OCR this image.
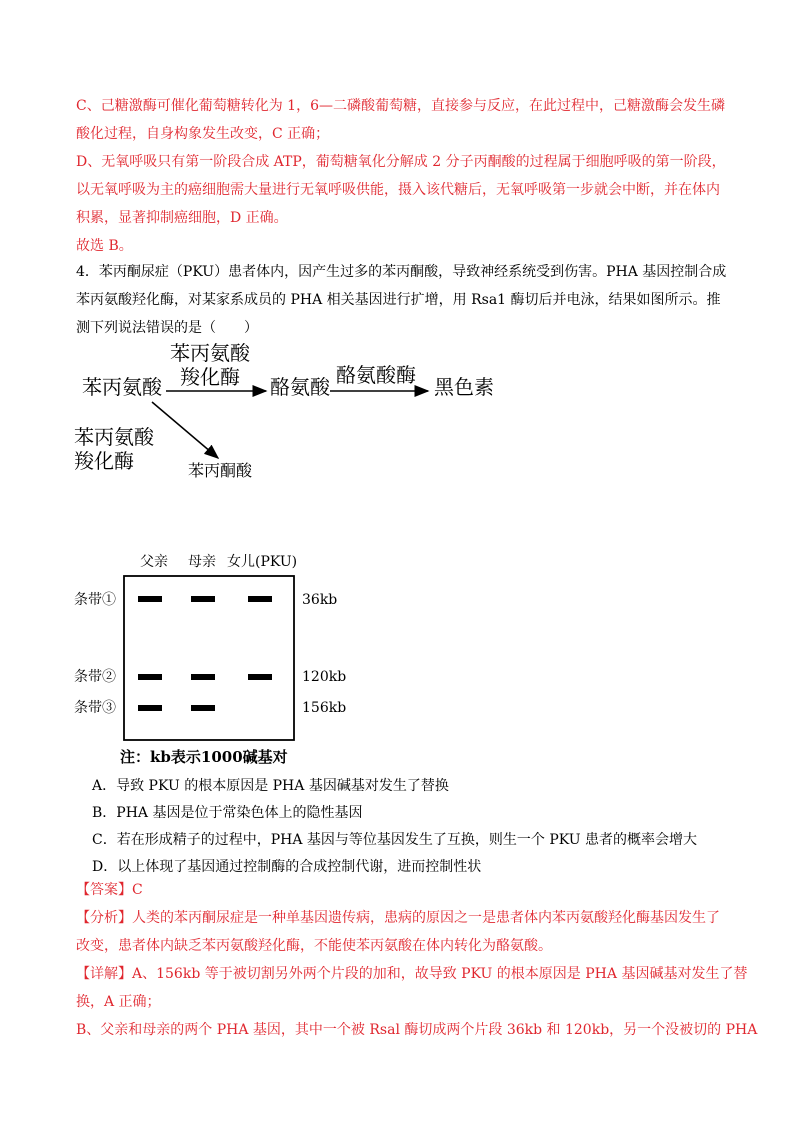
C、己糖激酶可催化葡萄糖转化为 1，6—二磷酸葡萄糖，直接参与反应，在此过程中，己糖激酶会发生磷
酸化过程，自身构象发生改变，C 正确；
D、无氧呼吸只有第一阶段合成 ATP，葡萄糖氧化分解成 2 分子丙酮酸的过程属于细胞呼吸的第一阶段，
以无氧呼吸为主的癌细胞需大量进行无氧呼吸供能，摄入该代糖后，无氧呼吸第一步就会中断，并在体内
积累，显著抑制癌细胞，D 正确。
故选 B。
4．苯丙酮尿症（PKU）患者体内，因产生过多的苯丙酮酸，导致神经系统受到伤害。PHA 基因控制合成
苯丙氨酸羟化酶，对某家系成员的 PHA 相关基因进行扩增，用 Rsa1 酶切后并电泳，结果如图所示。推
测下列说法错误的是（　　）
苯丙氨酸
苯丙氨酸
羧化酶 酪氨酸 酪氨酸酶 黑色素
苯丙氨酸
羧化酶	苯丙酮酸
父亲 母亲 女儿(PKU)
条带①	36kb
条带②	120kb
条带③	156kb
注：kb表示1000碱基对
A．导致 PKU 的根本原因是 PHA 基因碱基对发生了替换
B．PHA 基因是位于常染色体上的隐性基因
C．若在形成精子的过程中，PHA 基因与等位基因发生了互换，则生一个 PKU 患者的概率会增大
D．以上体现了基因通过控制酶的合成控制代谢，进而控制性状
【答案】C
【分析】人类的苯丙酮尿症是一种单基因遗传病，患病的原因之一是患者体内苯丙氨酸羟化酶基因发生了
改变，患者体内缺乏苯丙氨酸羟化酶，不能使苯丙氨酸在体内转化为酪氨酸。
【详解】A、156kb 等于被切割另外两个片段的加和，故导致 PKU 的根本原因是 PHA 基因碱基对发生了替
换，A 正确；
B、父亲和母亲的两个 PHA 基因，其中一个被 Rsal 酶切成两个片段 36kb 和 120kb，另一个没被切的 PHA
